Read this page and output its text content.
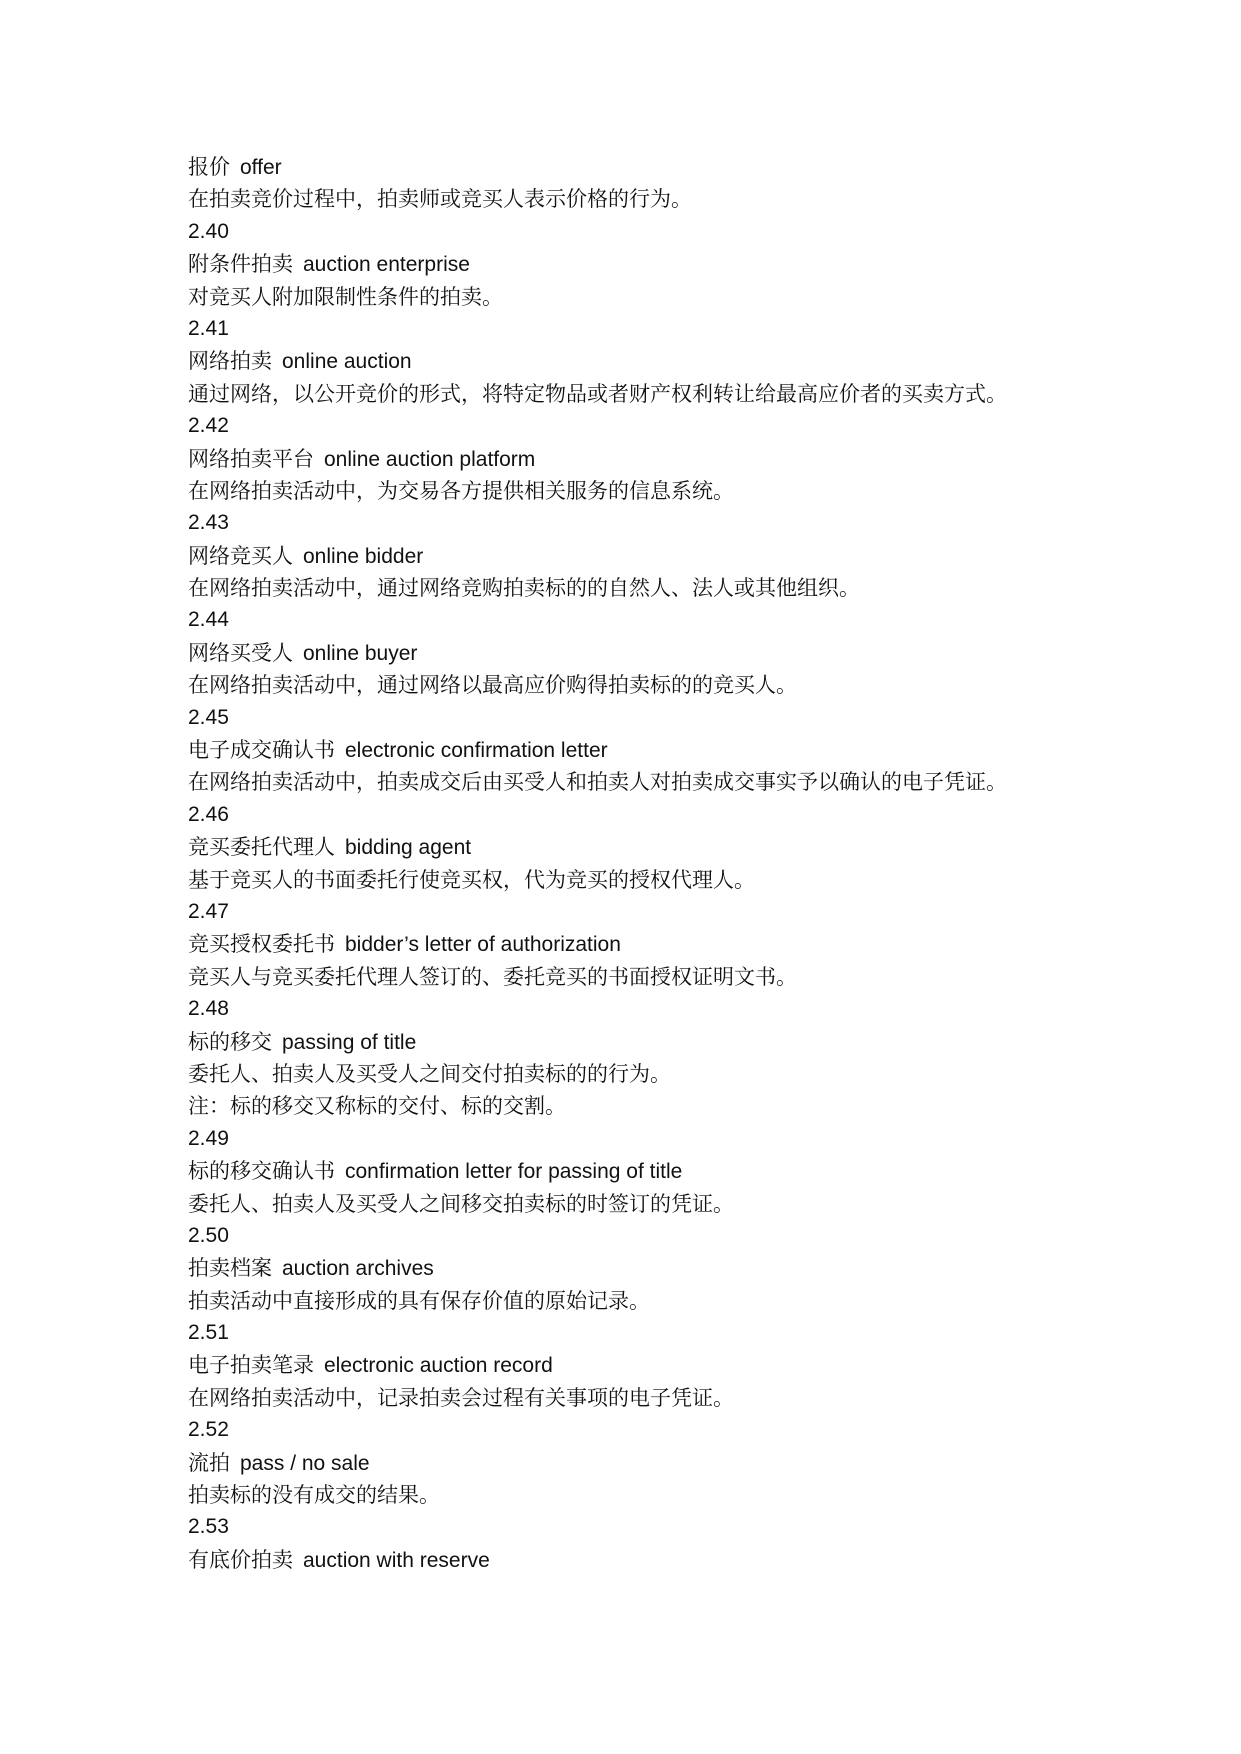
报价 offer
在拍卖竞价过程中，拍卖师或竞买人表示价格的行为。
2.40
附条件拍卖 auction enterprise
对竞买人附加限制性条件的拍卖。
2.41
网络拍卖 online auction
通过网络，以公开竞价的形式，将特定物品或者财产权利转让给最高应价者的买卖方式。
2.42
网络拍卖平台 online auction platform
在网络拍卖活动中，为交易各方提供相关服务的信息系统。
2.43
网络竞买人 online bidder
在网络拍卖活动中，通过网络竞购拍卖标的的自然人、法人或其他组织。
2.44
网络买受人 online buyer
在网络拍卖活动中，通过网络以最高应价购得拍卖标的的竞买人。
2.45
电子成交确认书 electronic confirmation letter
在网络拍卖活动中，拍卖成交后由买受人和拍卖人对拍卖成交事实予以确认的电子凭证。
2.46
竞买委托代理人 bidding agent
基于竞买人的书面委托行使竞买权，代为竞买的授权代理人。
2.47
竞买授权委托书 bidder’s letter of authorization
竞买人与竞买委托代理人签订的、委托竞买的书面授权证明文书。
2.48
标的移交 passing of title
委托人、拍卖人及买受人之间交付拍卖标的的行为。
注：标的移交又称标的交付、标的交割。
2.49
标的移交确认书 confirmation letter for passing of title
委托人、拍卖人及买受人之间移交拍卖标的时签订的凭证。
2.50
拍卖档案 auction archives
拍卖活动中直接形成的具有保存价值的原始记录。
2.51
电子拍卖笔录 electronic auction record
在网络拍卖活动中，记录拍卖会过程有关事项的电子凭证。
2.52
流拍 pass / no sale
拍卖标的没有成交的结果。
2.53
有底价拍卖 auction with reserve
